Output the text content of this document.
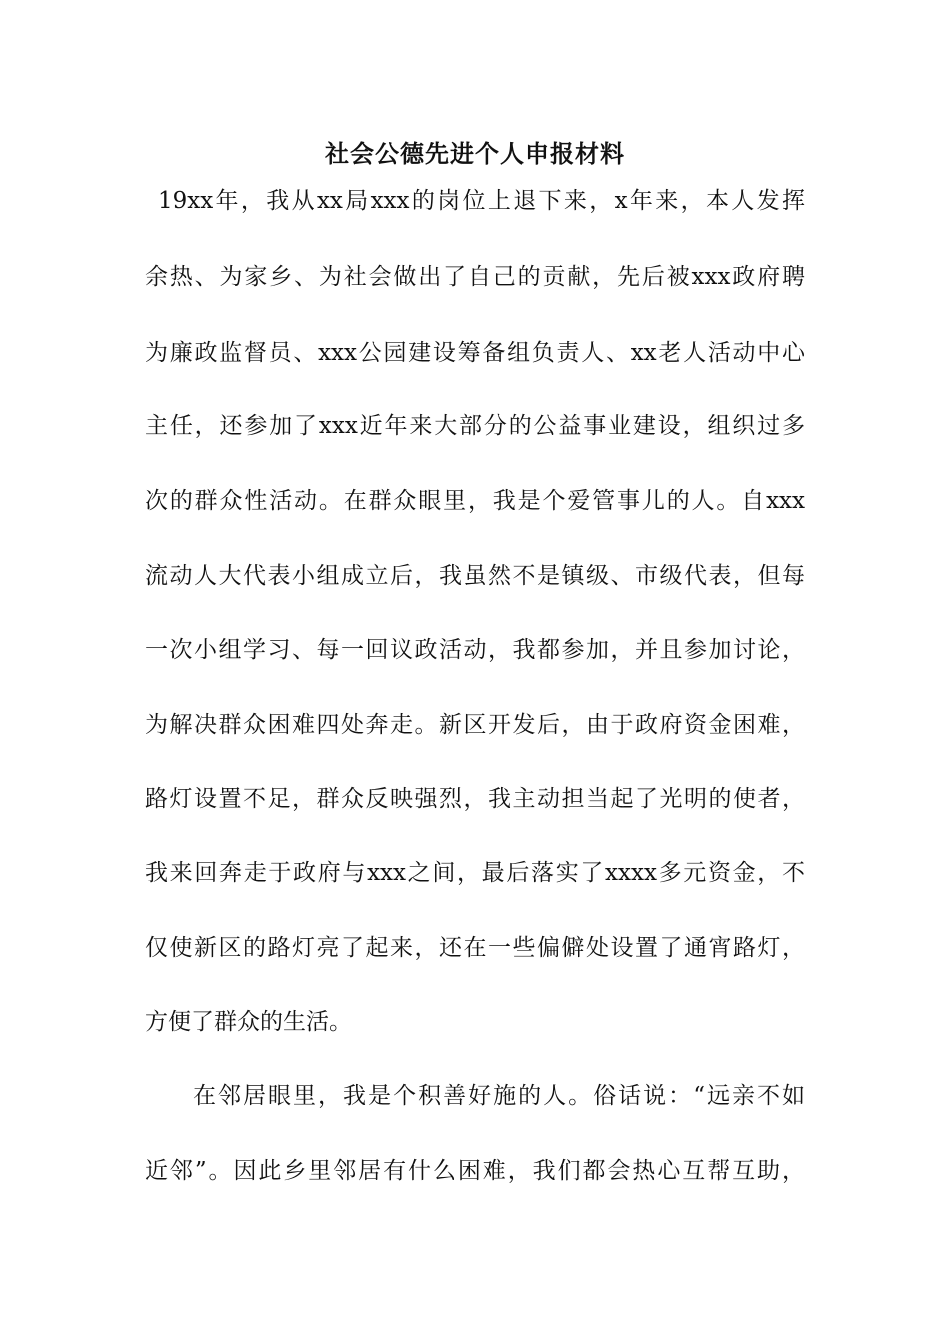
社会公德先进个人申报材料
19xx年，我从xx局xxx的岗位上退下来，x年来，本人发挥
余热、为家乡、为社会做出了自己的贡献，先后被xxx政府聘
为廉政监督员、xxx公园建设筹备组负责人、xx老人活动中心
主任，还参加了xxx近年来大部分的公益事业建设，组织过多
次的群众性活动。在群众眼里，我是个爱管事儿的人。自xxx
流动人大代表小组成立后，我虽然不是镇级、市级代表，但每
一次小组学习、每一回议政活动，我都参加，并且参加讨论，
为解决群众困难四处奔走。新区开发后，由于政府资金困难，
路灯设置不足，群众反映强烈，我主动担当起了光明的使者，
我来回奔走于政府与xxx之间，最后落实了xxxx多元资金，不
仅使新区的路灯亮了起来，还在一些偏僻处设置了通宵路灯，
方便了群众的生活。
在邻居眼里，我是个积善好施的人。俗话说：“远亲不如
近邻”。因此乡里邻居有什么困难，我们都会热心互帮互助，
